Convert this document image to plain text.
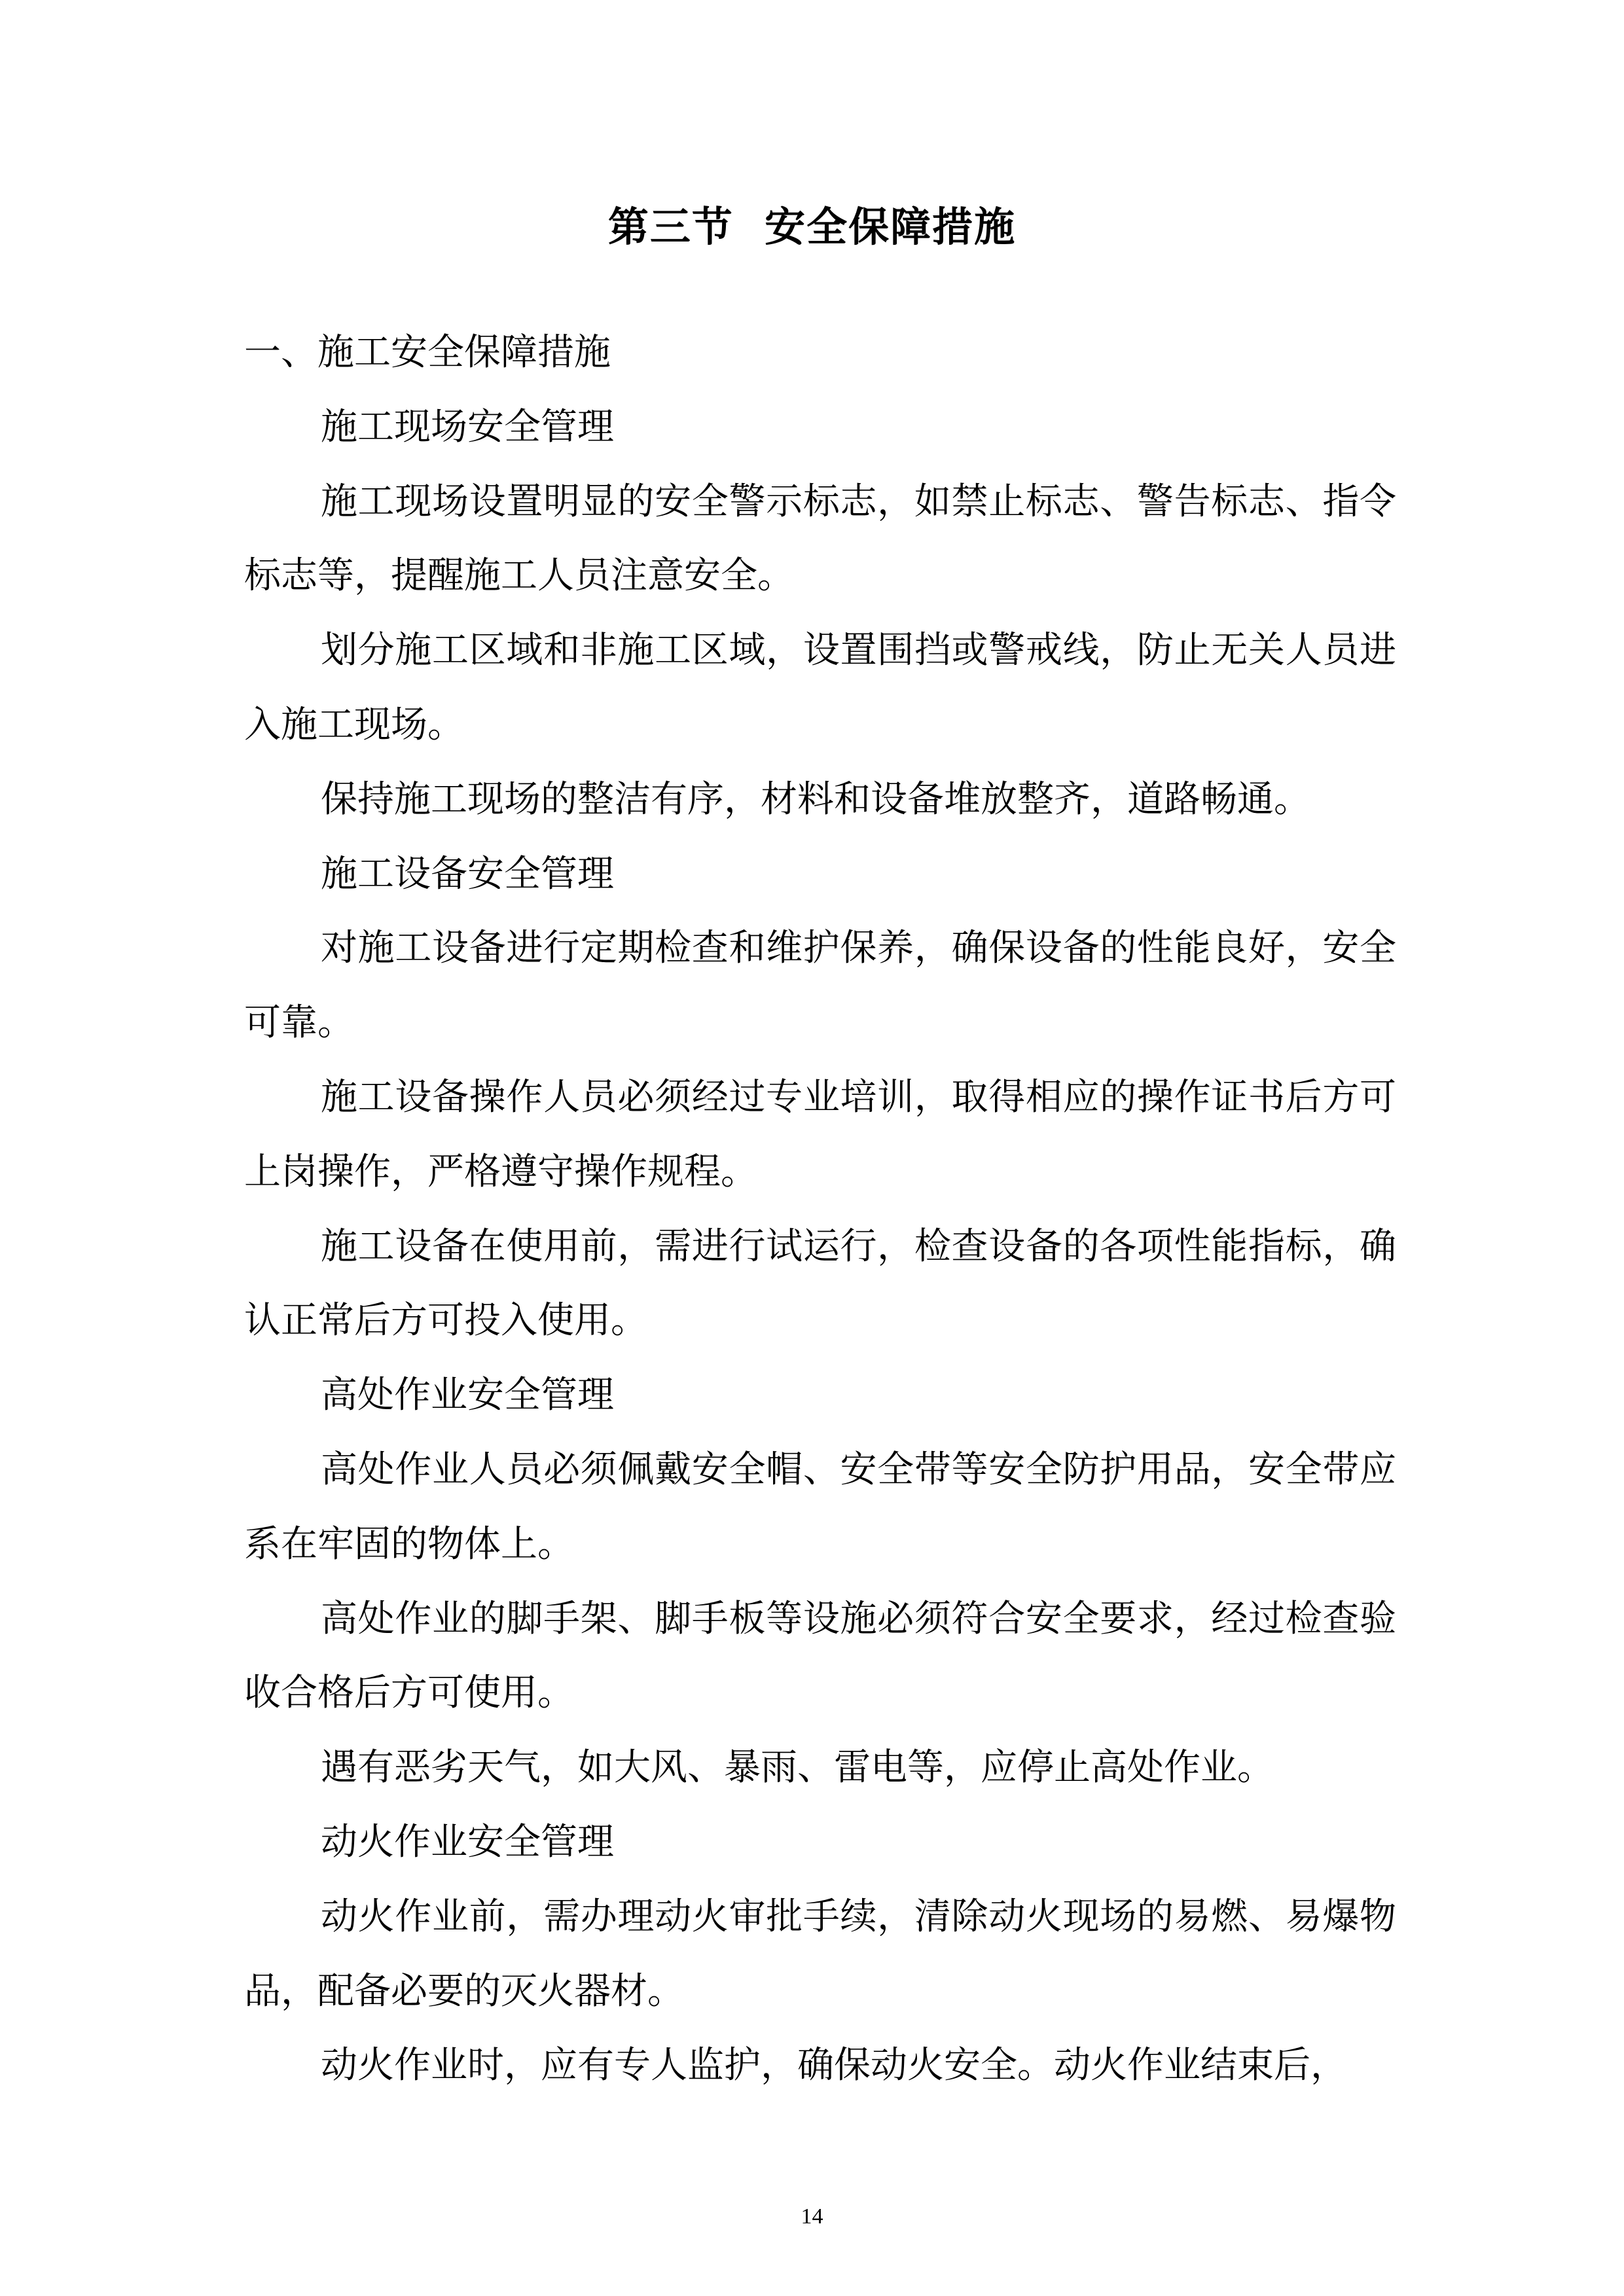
第三节  安全保障措施

一、施工安全保障措施

施工现场安全管理

施工现场设置明显的安全警示标志，如禁止标志、警告标志、指令标志等，提醒施工人员注意安全。

划分施工区域和非施工区域，设置围挡或警戒线，防止无关人员进入施工现场。

保持施工现场的整洁有序，材料和设备堆放整齐，道路畅通。

施工设备安全管理

对施工设备进行定期检查和维护保养，确保设备的性能良好，安全可靠。

施工设备操作人员必须经过专业培训，取得相应的操作证书后方可上岗操作，严格遵守操作规程。

施工设备在使用前，需进行试运行，检查设备的各项性能指标，确认正常后方可投入使用。

高处作业安全管理

高处作业人员必须佩戴安全帽、安全带等安全防护用品，安全带应系在牢固的物体上。

高处作业的脚手架、脚手板等设施必须符合安全要求，经过检查验收合格后方可使用。

遇有恶劣天气，如大风、暴雨、雷电等，应停止高处作业。

动火作业安全管理

动火作业前，需办理动火审批手续，清除动火现场的易燃、易爆物品，配备必要的灭火器材。

动火作业时，应有专人监护，确保动火安全。动火作业结束后，

14
